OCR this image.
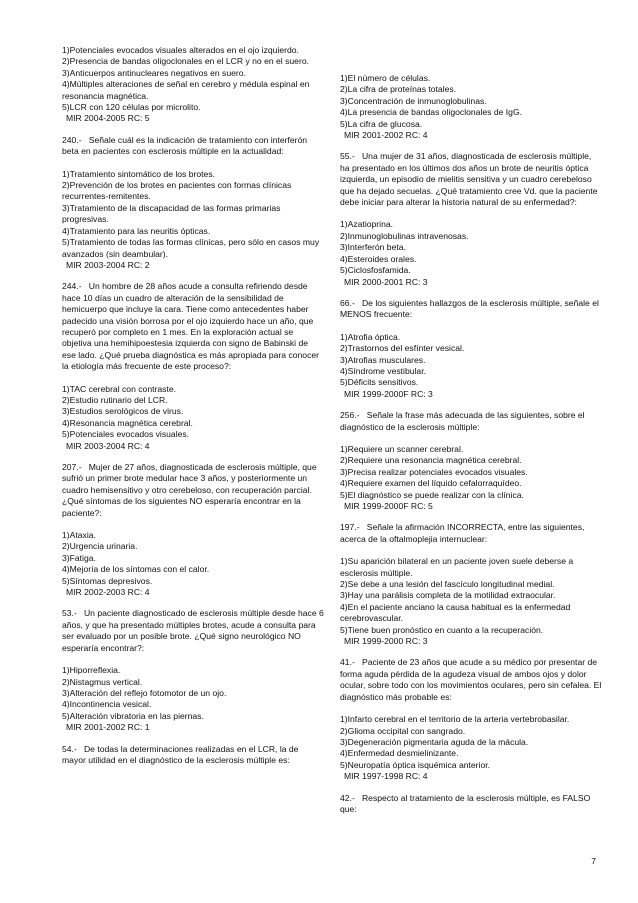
1)Potenciales evocados visuales alterados en el ojo izquierdo.
2)Presencia de bandas oligoclonales en el LCR y no en el suero.
3)Anticuerpos antinucleares negativos en suero.
4)Múltiples alteraciones de señal en cerebro y médula espinal en resonancia magnética.
5)LCR con 120 células por microlito.
MIR 2004-2005 RC: 5
240.-   Señale cuál es la indicación de tratamiento con interferón beta en pacientes con esclerosis múltiple en la actualidad:
1)Tratamiento sintomático de los brotes.
2)Prevención de los brotes en pacientes con formas clínicas recurrentes-remitentes.
3)Tratamiento de la discapacidad de las formas primarias progresivas.
4)Tratamiento para las neuritis ópticas.
5)Tratamiento de todas las formas clínicas, pero sólo en casos muy avanzados (sin deambular).
MIR 2003-2004 RC: 2
244.-   Un hombre de 28 años acude a consulta refiriendo desde hace 10 días un cuadro de alteración de la sensibilidad de hemicuerpo que incluye la cara. Tiene como antecedentes haber padecido una visión borrosa por el ojo izquierdo hace un año, que recuperó por completo en 1 mes. En la exploración actual se objetiva una hemihipoestesia izquierda con signo de Babinski de ese lado. ¿Qué prueba diagnóstica es más apropiada para conocer la etiología más frecuente de este proceso?:
1)TAC cerebral con contraste.
2)Estudio rutinario del LCR.
3)Estudios serológicos de virus.
4)Resonancia magnética cerebral.
5)Potenciales evocados visuales.
MIR 2003-2004 RC: 4
207.-   Mujer de 27 años, diagnosticada de esclerosis múltiple, que sufrió un primer brote medular hace 3 años, y posteriormente un cuadro hemisensitivo y otro cerebeloso, con recuperación parcial. ¿Qué síntomas de los siguientes NO esperaría encontrar en la paciente?:
1)Ataxia.
2)Urgencia urinaria.
3)Fatiga.
4)Mejoría de los síntomas con el calor.
5)Síntomas depresivos.
MIR 2002-2003 RC: 4
53.-   Un paciente diagnosticado de esclerosis múltiple desde hace 6 años, y que ha presentado múltiples brotes, acude a consulta para ser evaluado por un posible brote. ¿Qué signo neurológico NO esperaría encontrar?:
1)Hiporreflexia.
2)Nistagmus vertical.
3)Alteración del reflejo fotomotor de un ojo.
4)Incontinencia vesical.
5)Alteración vibratoria en las piernas.
MIR 2001-2002 RC: 1
54.-   De todas la determinaciones realizadas en el LCR, la de mayor utilidad en el diagnóstico de la esclerosis múltiple es:
1)El número de células.
2)La cifra de proteínas totales.
3)Concentración de inmunoglobulinas.
4)La presencia de bandas oligoclonales de IgG.
5)La cifra de glucosa.
MIR 2001-2002 RC: 4
55.-   Una mujer de 31 años, diagnosticada de esclerosis múltiple, ha presentado en los últimos dos años un brote de neuritis óptica izquierda, un episodio de mielitis sensitiva y un cuadro cerebeloso que ha dejado secuelas. ¿Qué tratamiento cree Vd. que la paciente debe iniciar para alterar la historia natural de su enfermedad?:
1)Azatioprina.
2)Inmunoglobulinas intravenosas.
3)Interferón beta.
4)Esteroides orales.
5)Ciclosfosfamida.
MIR 2000-2001 RC: 3
66.-   De los siguientes hallazgos de la esclerosis múltiple, señale el MENOS frecuente:
1)Atrofia óptica.
2)Trastornos del esfínter vesical.
3)Atrofias musculares.
4)Síndrome vestibular.
5)Déficits sensitivos.
MIR 1999-2000F RC: 3
256.-   Señale la frase más adecuada de las siguientes, sobre el diagnóstico de la esclerosis múltiple:
1)Requiere un scanner cerebral.
2)Requiere una resonancia magnética cerebral.
3)Precisa realizar potenciales evocados visuales.
4)Requiere examen del líquido cefalorraquídeo.
5)El diagnóstico se puede realizar con la clínica.
MIR 1999-2000F RC: 5
197.-   Señale la afirmación INCORRECTA, entre las siguientes, acerca de la oftalmoplejia internuclear:
1)Su aparición bilateral en un paciente joven suele deberse a esclerosis múltiple.
2)Se debe a una lesión del fascículo longitudinal medial.
3)Hay una parálisis completa de la motilidad extraocular.
4)En el paciente anciano la causa habitual es la enfermedad cerebrovascular.
5)Tiene buen pronóstico en cuanto a la recuperación.
MIR 1999-2000 RC: 3
41.-   Paciente de 23 años que acude a su médico por presentar de forma aguda pérdida de la agudeza visual de ambos ojos y dolor ocular, sobre todo con los movimientos oculares, pero sin cefalea. El diagnóstico más probable es:
1)Infarto cerebral en el territorio de la arteria vertebrobasilar.
2)Glioma occipital con sangrado.
3)Degeneración pigmentaria aguda de la mácula.
4)Enfermedad desmielinizante.
5)Neuropatía óptica isquémica anterior.
MIR 1997-1998 RC: 4
42.-   Respecto al tratamiento de la esclerosis múltiple, es FALSO que:
7
